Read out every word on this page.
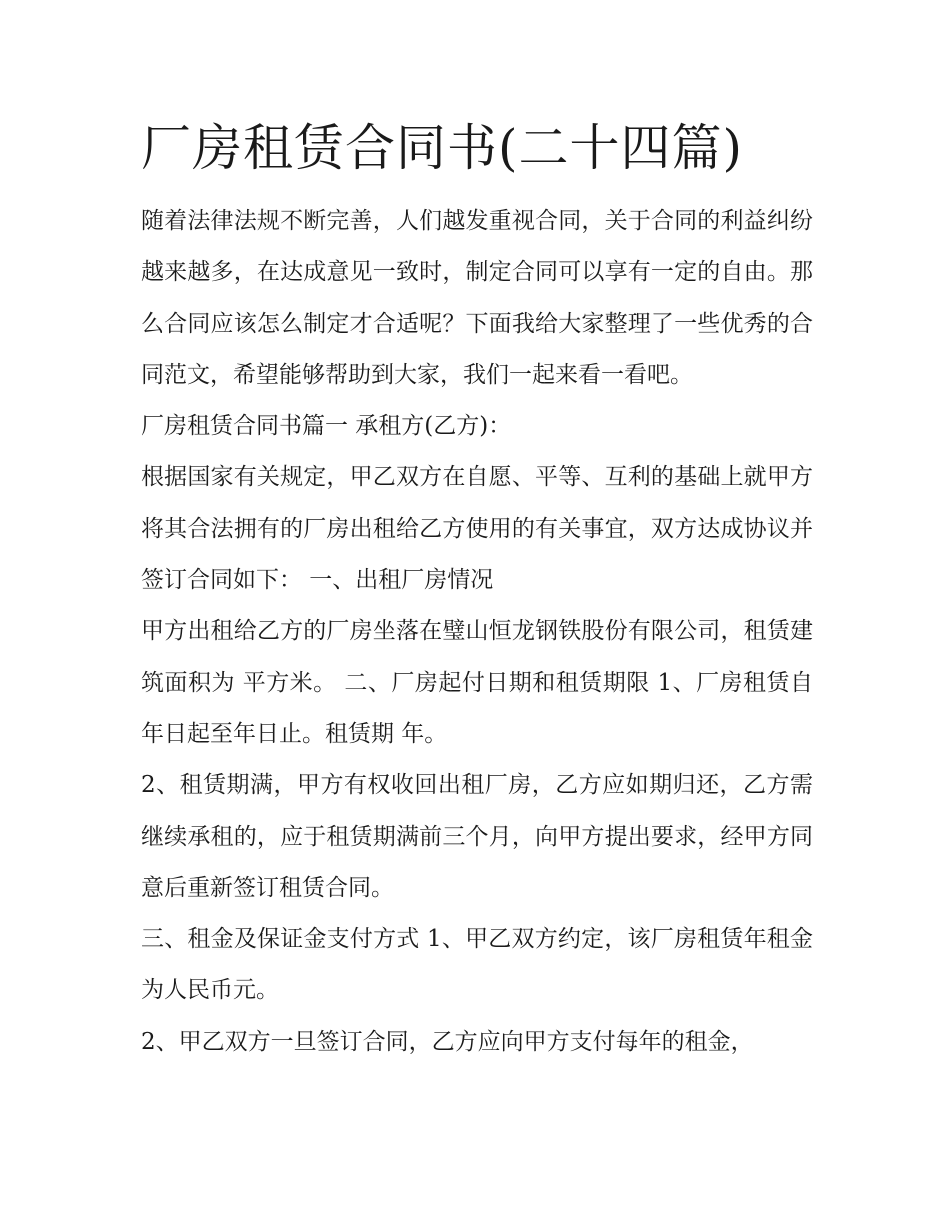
厂房租赁合同书(二十四篇)

随着法律法规不断完善，人们越发重视合同，关于合同的利益纠纷越来越多，在达成意见一致时，制定合同可以享有一定的自由。那么合同应该怎么制定才合适呢？下面我给大家整理了一些优秀的合同范文，希望能够帮助到大家，我们一起来看一看吧。

厂房租赁合同书篇一 承租方(乙方)：

根据国家有关规定，甲乙双方在自愿、平等、互利的基础上就甲方将其合法拥有的厂房出租给乙方使用的有关事宜，双方达成协议并签订合同如下： 一、出租厂房情况

甲方出租给乙方的厂房坐落在璧山恒龙钢铁股份有限公司，租赁建筑面积为 平方米。 二、厂房起付日期和租赁期限 1、厂房租赁自年日起至年日止。租赁期 年。

2、租赁期满，甲方有权收回出租厂房，乙方应如期归还，乙方需继续承租的，应于租赁期满前三个月，向甲方提出要求，经甲方同意后重新签订租赁合同。

三、租金及保证金支付方式 1、甲乙双方约定，该厂房租赁年租金为人民币元。

2、甲乙双方一旦签订合同，乙方应向甲方支付每年的租金，
